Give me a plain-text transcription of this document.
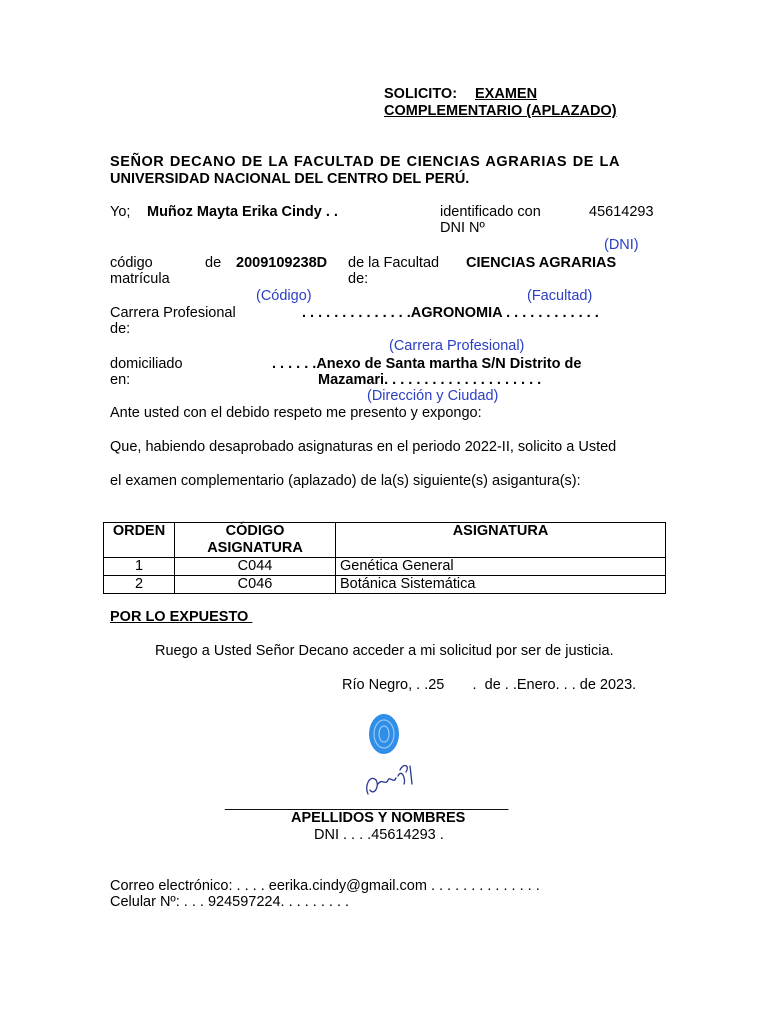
SOLICITO: EXAMEN
COMPLEMENTARIO (APLAZADO)
SEÑOR DECANO DE LA FACULTAD DE CIENCIAS AGRARIAS DE LA
UNIVERSIDAD NACIONAL DEL CENTRO DEL PERÚ.
Yo; Muñoz Mayta Erika Cindy . .	identificado con
DNI Nº
45614293
(DNI)
código	de
matrícula
2009109238D de la Facultad
de:
CIENCIAS AGRARIAS
(Código)	(Facultad)
Carrera Profesional
de:
. . . . . . . . . . . . . .AGRONOMIA . . . . . . . . . . . .
(Carrera Profesional)
domiciliado
en:
. . . . . .Anexo de Santa martha S/N Distrito de
Mazamari. . . . . . . . . . . . . . . . . . . .
(Dirección y Ciudad)
Ante usted con el debido respeto me presento y expongo:
Que, habiendo desaprobado asignaturas en el periodo 2022-II, solicito a Usted
el examen complementario (aplazado) de la(s) siguiente(s) asigantura(s):
ORDEN	CÓDIGO ASIGNATURA	ASIGNATURA
1	C044	Genética General
2	C046	Botánica Sistemática
POR LO EXPUESTO
Ruego a Usted Señor Decano acceder a mi solicitud por ser de justicia.
Río Negro, . .25       .  de . .Enero. . . de 2023.
____________________________________
APELLIDOS Y NOMBRES
DNI . . . .45614293 .
Correo electrónico: . . . . eerika.cindy@gmail.com . . . . . . . . . . . . . .
Celular Nº: . . . 924597224. . . . . . . . .
